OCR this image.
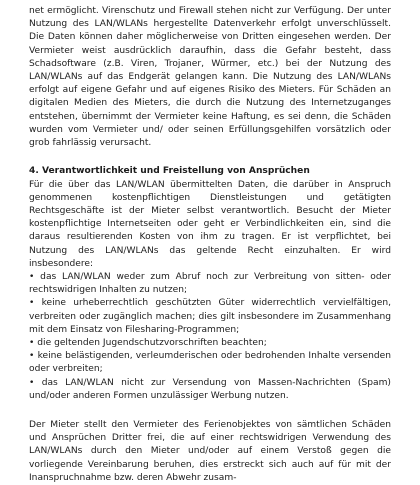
net ermöglicht. Virenschutz und Firewall stehen nicht zur Verfügung. Der unter Nutzung des LAN/WLANs hergestellte Datenverkehr erfolgt unverschlüsselt. Die Daten können daher möglicherweise von Dritten eingesehen werden. Der Vermieter weist ausdrücklich daraufhin, dass die Gefahr besteht, dass Schadsoftware (z.B. Viren, Trojaner, Würmer, etc.) bei der Nutzung des LAN/WLANs auf das Endgerät gelangen kann. Die Nutzung des LAN/WLANs erfolgt auf eigene Gefahr und auf eigenes Risiko des Mieters. Für Schäden an digitalen Medien des Mieters, die durch die Nutzung des Internetzuganges entstehen, übernimmt der Vermieter keine Haftung, es sei denn, die Schäden wurden vom Vermieter und/ oder seinen Erfüllungsgehilfen vorsätzlich oder grob fahrlässig verursacht.

4. Verantwortlichkeit und Freistellung von Ansprüchen

Für die über das LAN/WLAN übermittelten Daten, die darüber in Anspruch genommenen kostenpflichtigen Dienstleistungen und getätigten Rechtsgeschäfte ist der Mieter selbst verantwortlich. Besucht der Mieter kostenpflichtige Internetseiten oder geht er Verbindlichkeiten ein, sind die daraus resultierenden Kosten von ihm zu tragen. Er ist verpflichtet, bei Nutzung des LAN/WLANs das geltende Recht einzuhalten. Er wird insbesondere:

• das LAN/WLAN weder zum Abruf noch zur Verbreitung von sitten- oder rechtswidrigen Inhalten zu nutzen;
• keine urheberrechtlich geschützten Güter widerrechtlich vervielfältigen, verbreiten oder zugänglich machen; dies gilt insbesondere im Zusammenhang mit dem Einsatz von Filesharing-Programmen;
• die geltenden Jugendschutzvorschriften beachten;
• keine belästigenden, verleumderischen oder bedrohenden Inhalte versenden oder verbreiten;
• das LAN/WLAN nicht zur Versendung von Massen-Nachrichten (Spam) und/oder anderen Formen unzulässiger Werbung nutzen.

Der Mieter stellt den Vermieter des Ferienobjektes von sämtlichen Schäden und Ansprüchen Dritter frei, die auf einer rechtswidrigen Verwendung des LAN/WLANs durch den Mieter und/oder auf einem Verstoß gegen die vorliegende Vereinbarung beruhen, dies erstreckt sich auch auf für mit der Inanspruchnahme bzw. deren Abwehr zusam-
